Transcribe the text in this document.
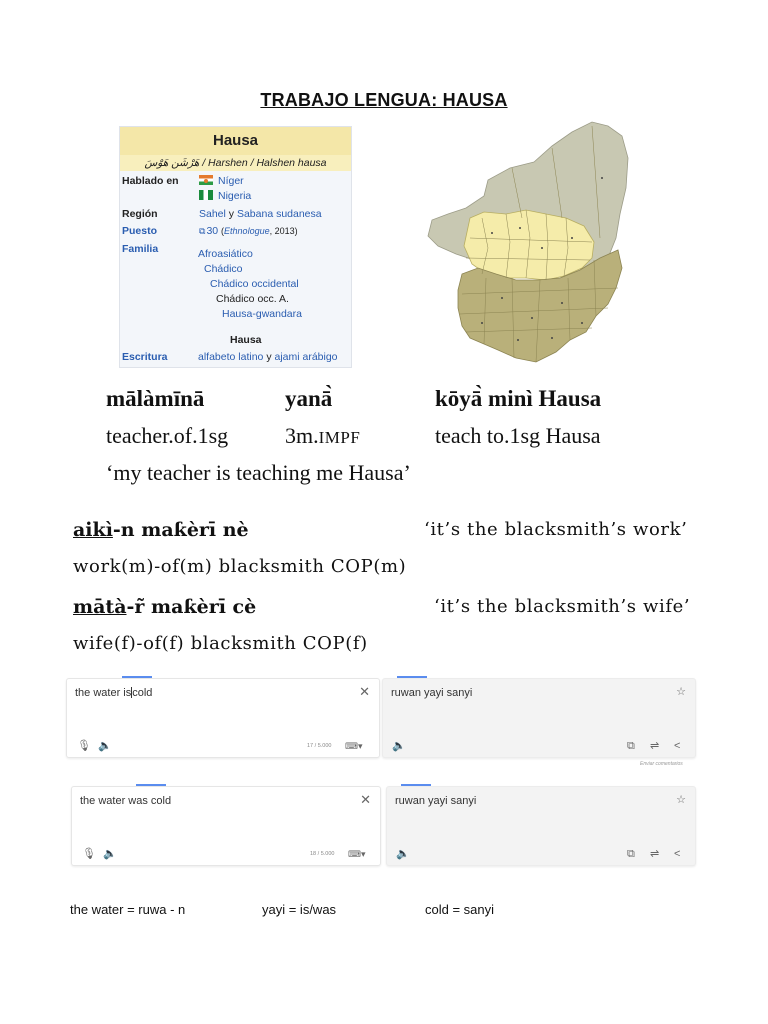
TRABAJO LENGUA: HAUSA
Hausa
هَرْشَن هَوْسَ / Harshen / Halshen hausa
Hablado en	Níger
Nigeria
Región	Sahel y Sabana sudanesa
Puesto	⧉30 (Ethnologue, 2013)
Familia	Afroasiático
Chádico
Chádico occidental
Chádico occ. A.
Hausa-gwandara
Hausa
Escritura	alfabeto latino y ajami arábigo
mālàmīnā	yanā̀	kōyā̀ minì Hausa
teacher.of.1sg	3m.IMPF	teach to.1sg Hausa
‘my teacher is teaching me Hausa’
aikì-n maƙèrī nè	‘it’s the blacksmith’s work’
work(m)-of(m) blacksmith COP(m)
mātà-r̃ maƙèrī cè	‘it’s the blacksmith’s wife’
wife(f)-of(f) blacksmith COP(f)
the water iscold	✕
🎙 🔈	17 / 5.000 ⌨▾
ruwan yayi sanyi	☆
🔈	⧉ ⇌ <
Enviar comentarios
the water was cold	✕
🎙 🔈	18 / 5.000 ⌨▾
ruwan yayi sanyi	☆
🔈	⧉ ⇌ <
the water = ruwa - n	yayi = is/was	cold = sanyi
